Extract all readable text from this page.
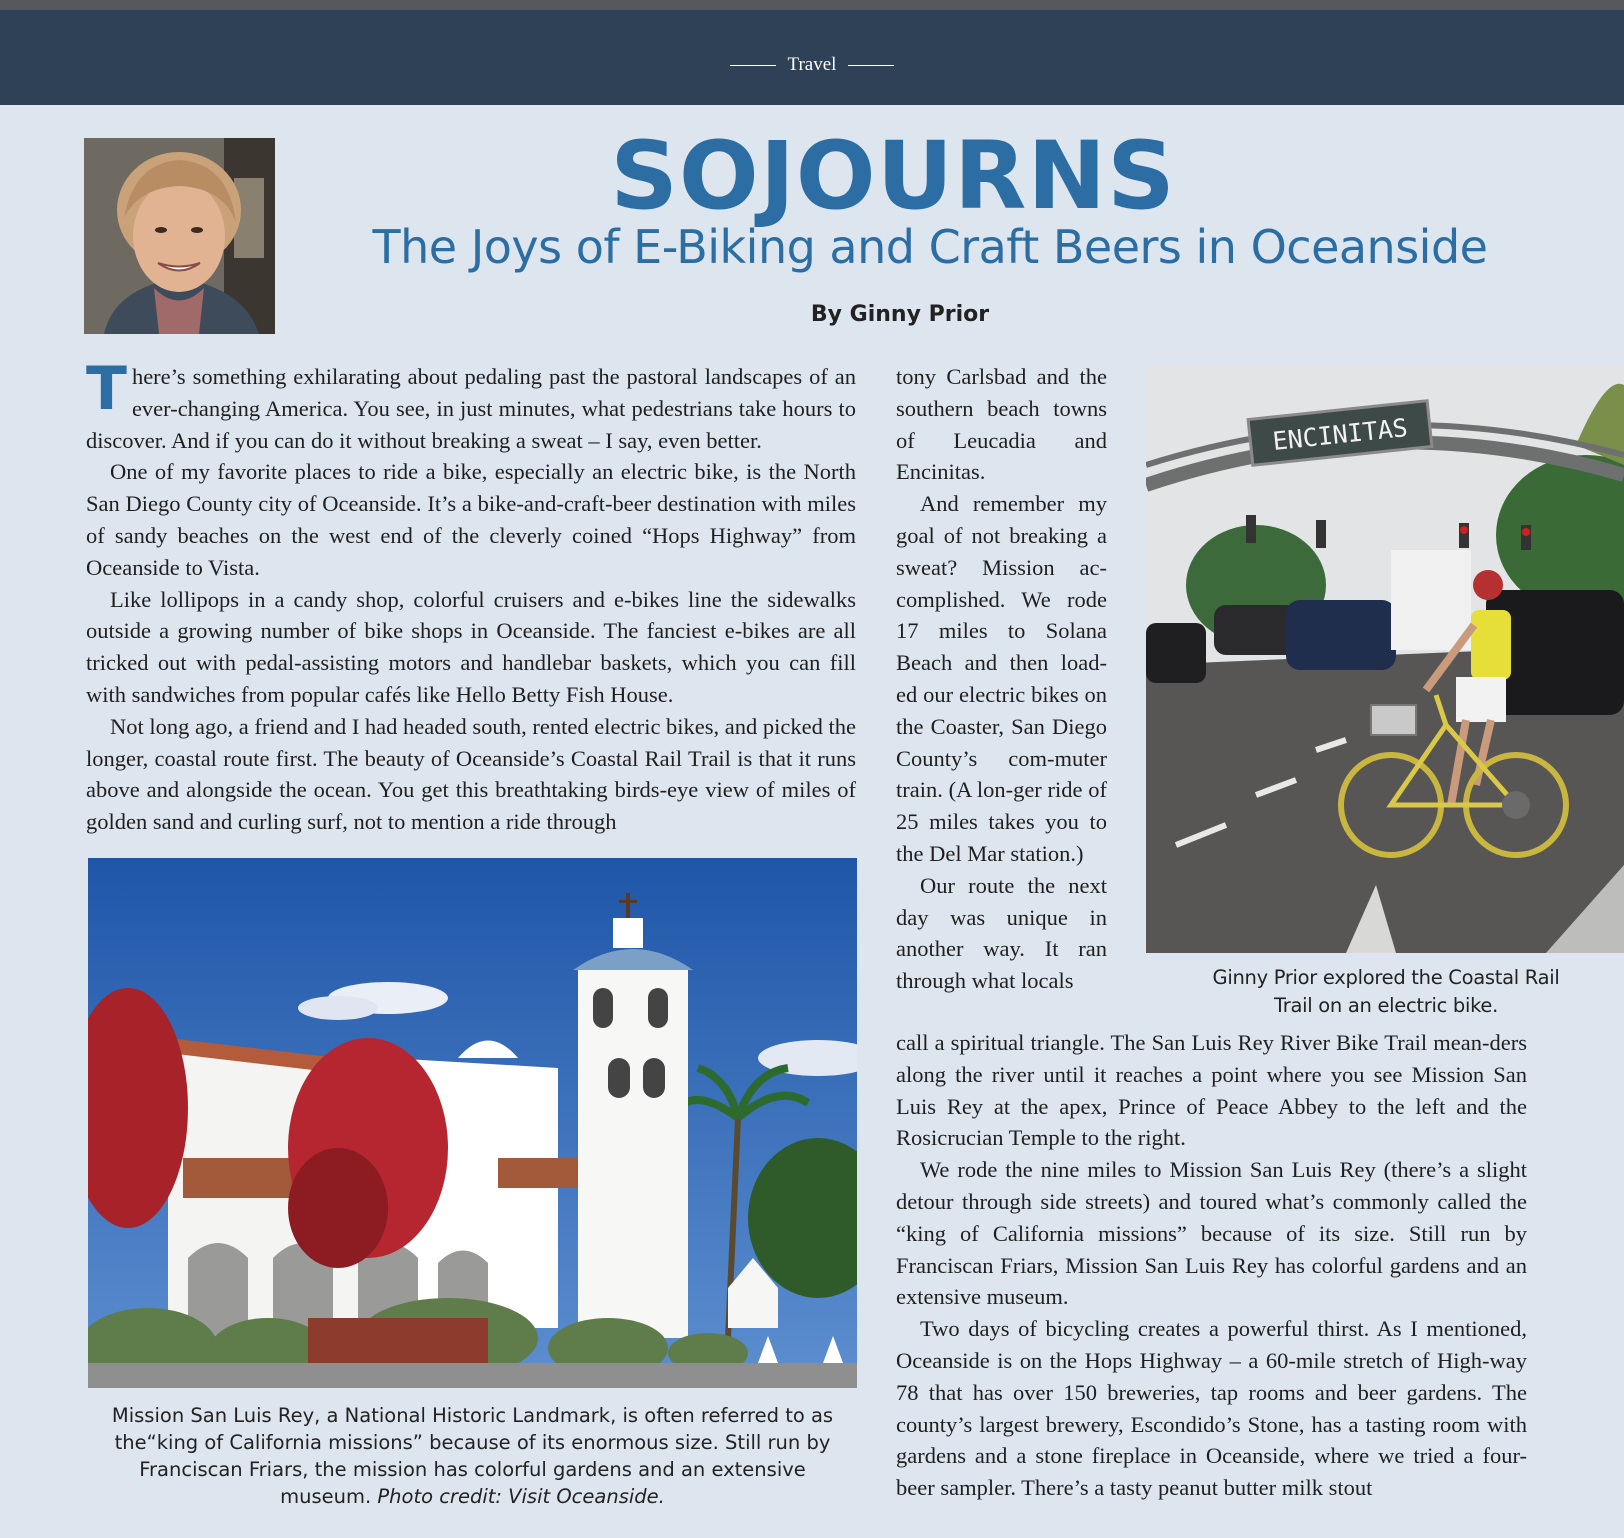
Travel
SOJOURNS
The Joys of E-Biking and Craft Beers in Oceanside
By Ginny Prior

There’s something exhilarating about pedaling past the pastoral landscapes of an ever-changing America. You see, in just minutes, what pedestrians take hours to discover. And if you can do it without breaking a sweat – I say, even better.

One of my favorite places to ride a bike, especially an electric bike, is the North San Diego County city of Oceanside. It’s a bike-and-craft-beer destination with miles of sandy beaches on the west end of the cleverly coined “Hops Highway” from Oceanside to Vista.

Like lollipops in a candy shop, colorful cruisers and e-bikes line the sidewalks outside a growing number of bike shops in Oceanside. The fanciest e-bikes are all tricked out with pedal-assisting motors and handlebar baskets, which you can fill with sandwiches from popular cafés like Hello Betty Fish House.

Not long ago, a friend and I had headed south, rented electric bikes, and picked the longer, coastal route first. The beauty of Oceanside’s Coastal Rail Trail is that it runs above and alongside the ocean. You get this breathtaking birds-eye view of miles of golden sand and curling surf, not to mention a ride through

tony Carlsbad and the southern beach towns of Leucadia and Encinitas.

And remember my goal of not breaking a sweat? Mission ac-complished. We rode 17 miles to Solana Beach and then load-ed our electric bikes on the Coaster, San Diego County’s com-muter train. (A lon-ger ride of 25 miles takes you to the Del Mar station.)

Our route the next day was unique in another way. It ran through what locals

call a spiritual triangle. The San Luis Rey River Bike Trail mean-ders along the river until it reaches a point where you see Mission San Luis Rey at the apex, Prince of Peace Abbey to the left and the Rosicrucian Temple to the right.

We rode the nine miles to Mission San Luis Rey (there’s a slight detour through side streets) and toured what’s commonly called the “king of California missions” because of its size. Still run by Franciscan Friars, Mission San Luis Rey has colorful gardens and an extensive museum.

Two days of bicycling creates a powerful thirst. As I mentioned, Oceanside is on the Hops Highway – a 60-mile stretch of High-way 78 that has over 150 breweries, tap rooms and beer gardens. The county’s largest brewery, Escondido’s Stone, has a tasting room with gardens and a stone fireplace in Oceanside, where we tried a four-beer sampler. There’s a tasty peanut butter milk stout

Mission San Luis Rey, a National Historic Landmark, is often referred to as the“king of California missions” because of its enormous size. Still run by Franciscan Friars, the mission has colorful gardens and an extensive museum. Photo credit: Visit Oceanside.
ENCINITAS
Ginny Prior explored the Coastal Rail Trail on an electric bike.
